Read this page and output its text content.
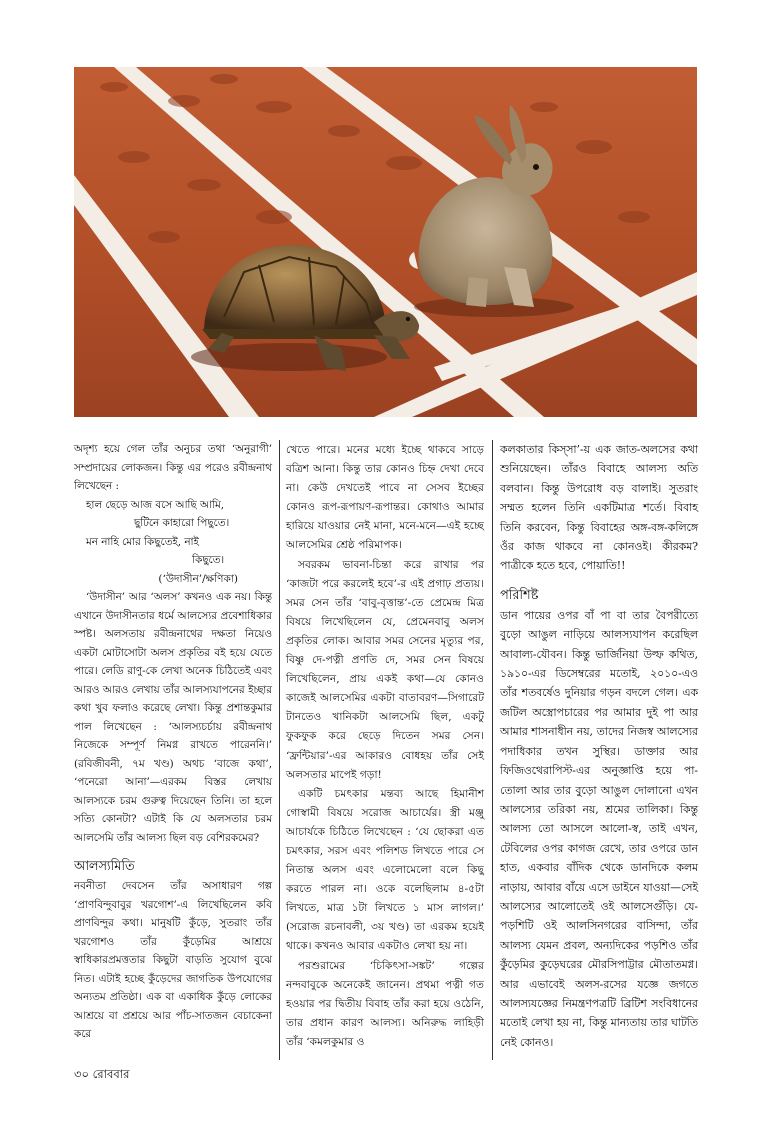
অদৃশ্য হয়ে গেল তাঁর অনুচর তথা ‘অনুরাগী’ সম্প্রদায়ের লোকজন। কিন্তু এর পরেও রবীন্দ্রনাথ লিখেছেন :

হাল ছেড়ে আজ বসে আছি আমি,
ছুটিনে কাহারো পিছুতে।
মন নাহি মোর কিছুতেই, নাই
কিছুতে।

(‘উদাসীন’/ক্ষণিকা)

‘উদাসীন’ আর ‘অলস’ কখনও এক নয়। কিন্তু এখানে উদাসীনতার ধর্মে আলস্যের প্রবেশাধিকার স্পষ্ট। অলসতায় রবীন্দ্রনাথের দক্ষতা নিয়েও একটা মোটাসোটা অলস প্রকৃতির বই হয়ে যেতে পারে। লেডি রাণু-কে লেখা অনেক চিঠিতেই এবং আরও আরও লেখায় তাঁর আলস্যযাপনের ইচ্ছার কথা খুব ফলাও করেছে লেখা। কিন্তু প্রশান্তকুমার পাল লিখেছেন : ‘আলস্যচর্চায় রবীন্দ্রনাথ নিজেকে সম্পূর্ণ নিমগ্ন রাখতে পারেননি।’ (রবিজীবনী, ৭ম খণ্ড) অথচ ‘বাজে কথা’, ‘পনেরো আনা’—এরকম বিস্তর লেখায় আলস্যকে চরম গুরুত্ব দিয়েছেন তিনি। তা হলে সত্যি কোনটা? এটাই কি যে অলসতার চরম আলসেমি তাঁর আলস্য ছিল বড় বেশিরকমের?

আলস্যমিতি

নবনীতা দেবসেন তাঁর অসাধারণ গল্প ‘প্রাণবিন্দুবাবুর খরগোশ’-এ লিখেছিলেন কবি প্রাণবিন্দুর কথা। মানুষটি কুঁড়ে, সুতরাং তাঁর খরগোশও তাঁর কুঁড়েমির আশ্রয়ে স্বাধিকারপ্রমত্ততার কিছুটা বাড়তি সুযোগ বুঝে নিত। এটাই হচ্ছে কুঁড়েদের জাগতিক উপযোগের অন্যতম প্রতিষ্ঠা। এক বা একাধিক কুঁড়ে লোকের আশ্রয়ে বা প্রশ্রয়ে আর পাঁচ-সাতজন বেচাকেনা করে

খেতে পারে। মনের মধ্যে ইচ্ছে থাকবে সাড়ে বত্রিশ আনা। কিন্তু তার কোনও চিহ্ন দেখা দেবে না। কেউ দেখতেই পাবে না সেসব ইচ্ছের কোনও রূপ-রূপায়ণ-রূপান্তর। কোথাও আমার হারিয়ে যাওয়ার নেই মানা, মনে-মনে—এই হচ্ছে আলসেমির শ্রেষ্ঠ পরিমাপক।

সবরকম ভাবনা-চিন্তা করে রাখার পর ‘কাজটা পরে করলেই হবে’-র এই প্রগাঢ় প্রত্যয়। সমর সেন তাঁর ‘বাবু-বৃত্তান্ত’-তে প্রেমেন্দ্র মিত্র বিষয়ে লিখেছিলেন যে, প্রেমেনবাবু অলস প্রকৃতির লোক। আবার সমর সেনের মৃত্যুর পর, বিষ্ণু দে-পত্নী প্রণতি দে, সমর সেন বিষয়ে লিখেছিলেন, প্রায় একই কথা—যে কোনও কাজেই আলসেমির একটা বাতাবরণ—সিগারেট টানতেও খানিকটা আলসেমি ছিল, একটু ফুকফুক করে ছেড়ে দিতেন সমর সেন। ‘ফ্রন্টিয়ার’-এর আকারও বোধহয় তাঁর সেই অলসতার মাপেই গড়া!

একটি চমৎকার মন্তব্য আছে হিমানীশ গোস্বামী বিষয়ে সরোজ আচার্যের। স্ত্রী মঞ্জু আচার্যকে চিঠিতে লিখেছেন : ‘যে ছোকরা এত চমৎকার, সরস এবং পলিশড লিখতে পারে সে নিতান্ত অলস এবং এলোমেলো বলে কিছু করতে পারল না। ওকে বলেছিলাম ৪-৫টা লিখতে, মাত্র ১টা লিখতে ১ মাস লাগল।’ (সরোজ রচনাবলী, ৩য় খণ্ড) তা এরকম হয়েই থাকে। কখনও আবার একটাও লেখা হয় না।

পরশুরামের ‘চিকিৎসা-সঙ্কট’ গল্পের নন্দবাবুকে অনেকেই জানেন। প্রথমা পত্নী গত হওয়ার পর দ্বিতীয় বিবাহ তাঁর করা হয়ে ওঠেনি, তার প্রধান কারণ আলস্য। অনিরুদ্ধ লাহিড়ী তাঁর ‘কমলকুমার ও

কলকাতার কিস্‌সা’-য় এক জাত-অলসের কথা শুনিয়েছেন। তাঁরও বিবাহে আলস্য অতি বলবান। কিন্তু উপরোধ বড় বালাই। সুতরাং সম্মত হলেন তিনি একটিমাত্র শর্তে। বিবাহ তিনি করবেন, কিন্তু বিবাহের অঙ্গ-বঙ্গ-কলিঙ্গে ওঁর কাজ থাকবে না কোনওই। কীরকম? পাত্রীকে হতে হবে, পোয়াতি!!

পরিশিষ্ট

ডান পায়ের ওপর বাঁ পা বা তার বৈপরীত্যে বুড়ো আঙুল নাড়িয়ে আলস্যযাপন করেছিল আবাল্য-যৌবন। কিন্তু ভার্জিনিয়া উল্ফ কথিত, ১৯১০-এর ডিসেম্বরের মতোই, ২০১০-এও তাঁর শতবর্ষেও দুনিয়ার গড়ন বদলে গেল। এক জটিল অস্ত্রোপচারের পর আমার দুই পা আর আমার শাসনাধীন নয়, তাদের নিজস্ব আলস্যের পদাধিকার তখন সুস্থির। ডাক্তার আর ফিজিওথেরাপিস্ট-এর অনুজ্ঞাপ্তি হয়ে পা-তোলা আর তার বুড়ো আঙুল দোলানো এখন আলস্যের তরিকা নয়, শ্রমের তালিকা। কিন্তু আলস্য তো আসলে আলো-স্ব, তাই এখন, টেবিলের ওপর কাগজ রেখে, তার ওপরে ডান হাত, একবার বাঁদিক থেকে ডানদিকে কলম নাড়ায়, আবার বাঁয়ে এসে ডাইনে যাওয়া—সেই আলস্যের আলোতেই ওই আলসেগুঁড়ি। যে-পড়শিটি ওই আলসিনগরের বাসিন্দা, তাঁর আলস্য যেমন প্রবল, অন্যদিকের পড়শিও তাঁর কুঁড়েমির কুড়েঘরের মৌরসিপাট্টার মৌতাতমগ্ন। আর এভাবেই অলস-রসের যজ্ঞে জগতে আলস্যযজ্ঞের নিমন্ত্রণপত্রটি ব্রিটিশ সংবিধানের মতোই লেখা হয় না, কিন্তু মান্যতায় তার ঘাটতি নেই কোনও।

৩০ রোববার
